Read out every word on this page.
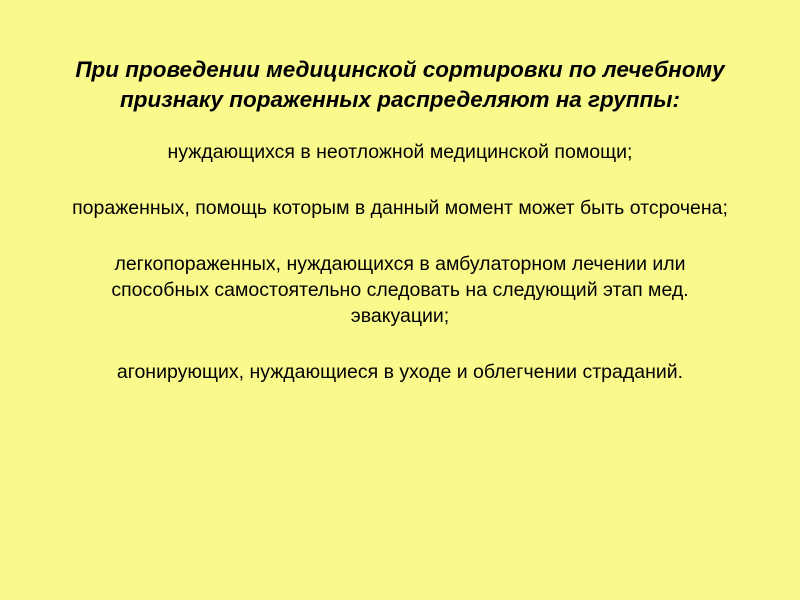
При проведении медицинской сортировки по лечебному признаку пораженных распределяют на группы:

нуждающихся в неотложной медицинской помощи;

пораженных, помощь которым в данный момент может быть отсрочена;

легкопораженных, нуждающихся в амбулаторном лечении или способных самостоятельно следовать на следующий этап мед. эвакуации;

агонирующих, нуждающиеся в уходе и облегчении страданий.
